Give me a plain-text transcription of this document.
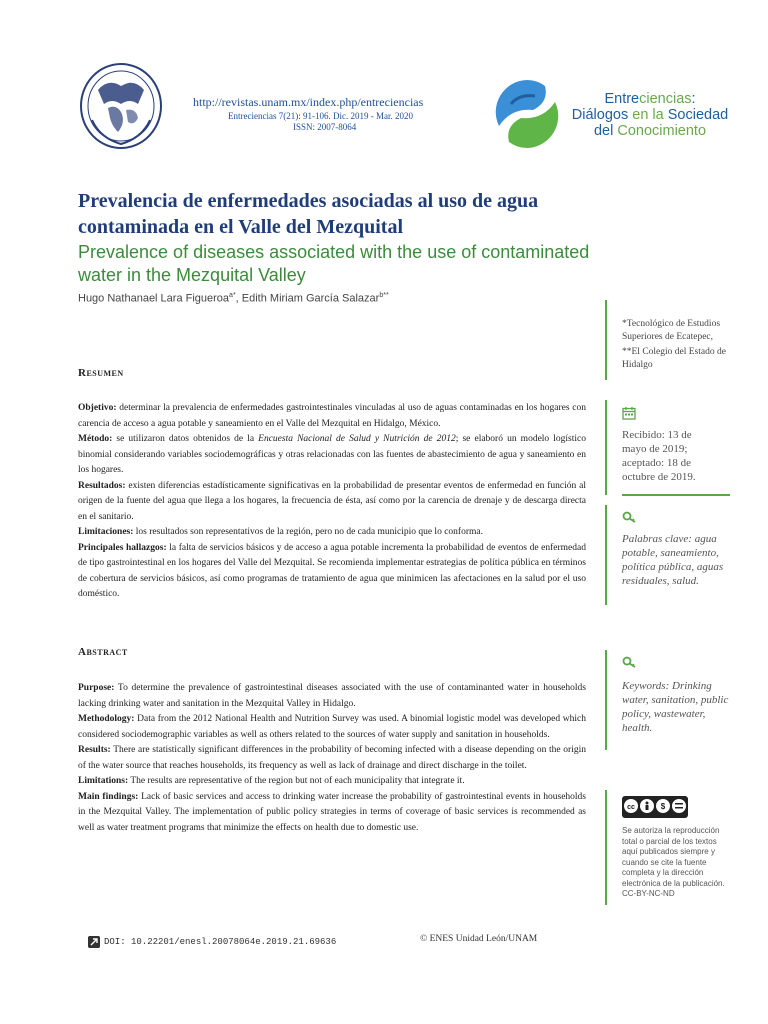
http://revistas.unam.mx/index.php/entreciencias
Entreciencias 7(21): 91-106. Dic. 2019 - Mar. 2020
ISSN: 2007-8064
Entreciencias:
Diálogos en la Sociedad
del Conocimiento
Prevalencia de enfermedades asociadas al uso de agua contaminada en el Valle del Mezquital
Prevalence of diseases associated with the use of contaminated water in the Mezquital Valley
Hugo Nathanael Lara Figueroa$^{a*}$, Edith Miriam García Salazar$^{b**}$
*Tecnológico de Estudios Superiores de Ecatepec,
**El Colegio del Estado de Hidalgo
Recibido: 13 de mayo de 2019; aceptado: 18 de octubre de 2019.
Palabras clave: agua potable, saneamiento, política pública, aguas residuales, salud.
Keywords: Drinking water, sanitation, public policy, wastewater, health.
cc	$
Se autoriza la reproducción total o parcial de los textos aquí publicados siempre y cuando se cite la fuente completa y la dirección electrónica de la publicación. CC-BY-NC-ND
Resumen
Objetivo: determinar la prevalencia de enfermedades gastrointestinales vinculadas al uso de aguas contaminadas en los hogares con carencia de acceso a agua potable y saneamiento en el Valle del Mezquital en Hidalgo, México.
Método: se utilizaron datos obtenidos de la Encuesta Nacional de Salud y Nutrición de 2012; se elaboró un modelo logístico binomial considerando variables sociodemográficas y otras relacionadas con las fuentes de abastecimiento de agua y saneamiento en los hogares.
Resultados: existen diferencias estadísticamente significativas en la probabilidad de presentar eventos de enfermedad en función al origen de la fuente del agua que llega a los hogares, la frecuencia de ésta, así como por la carencia de drenaje y de descarga directa en el sanitario.
Limitaciones: los resultados son representativos de la región, pero no de cada municipio que lo conforma.
Principales hallazgos: la falta de servicios básicos y de acceso a agua potable incrementa la probabilidad de eventos de enfermedad de tipo gastrointestinal en los hogares del Valle del Mezquital. Se recomienda implementar estrategias de política pública en términos de cobertura de servicios básicos, así como programas de tratamiento de agua que minimicen las afectaciones en la salud por el uso doméstico.
Abstract
Purpose: To determine the prevalence of gastrointestinal diseases associated with the use of contaminanted water in households lacking drinking water and sanitation in the Mezquital Valley in Hidalgo.
Methodology: Data from the 2012 National Health and Nutrition Survey was used. A binomial logistic model was developed which considered sociodemographic variables as well as others related to the sources of water supply and sanitation in households.
Results: There are statistically significant differences in the probability of becoming infected with a disease depending on the origin of the water source that reaches households, its frequency as well as lack of drainage and direct discharge in the toilet.
Limitations: The results are representative of the region but not of each municipality that integrate it.
Main findings: Lack of basic services and access to drinking water increase the probability of gastrointestinal events in households in the Mezquital Valley. The implementation of public policy strategies in terms of coverage of basic services is recommended as well as water treatment programs that minimize the effects on health due to domestic use.
DOI: 10.22201/enesl.20078064e.2019.21.69636	© ENES Unidad León/UNAM
